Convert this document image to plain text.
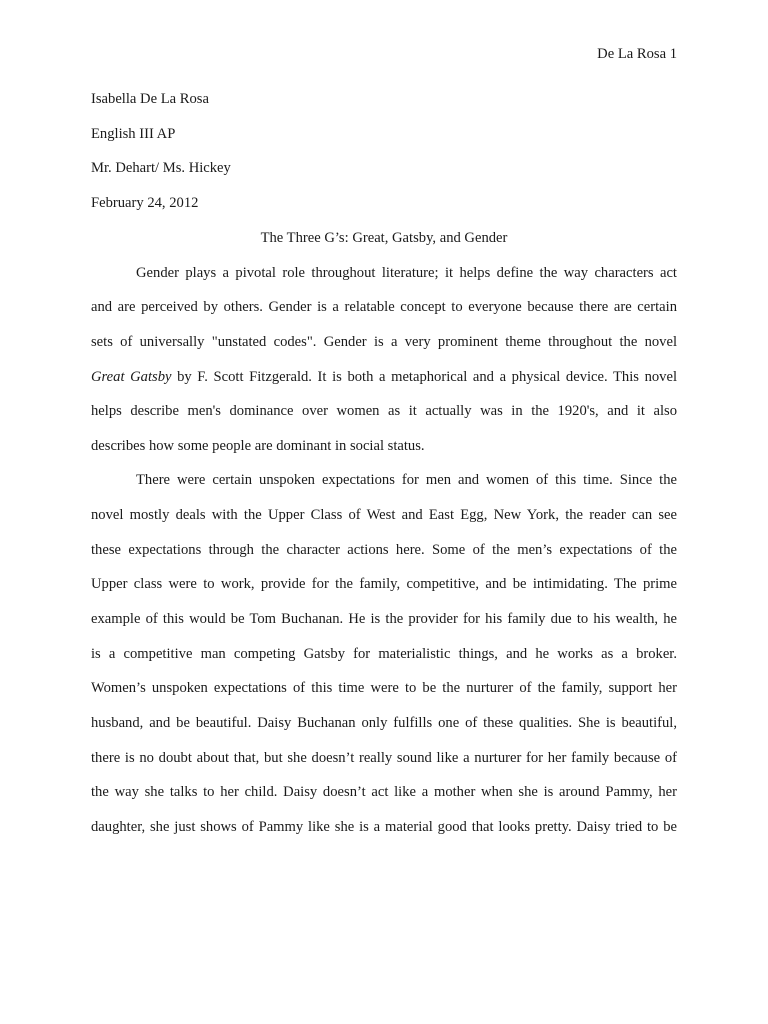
De La Rosa 1
Isabella De La Rosa
English III AP
Mr. Dehart/ Ms. Hickey
February 24, 2012
The Three G’s: Great, Gatsby, and Gender
Gender plays a pivotal role throughout literature; it helps define the way characters act
and are perceived by others. Gender is a relatable concept to everyone because there are certain
sets of universally "unstated codes". Gender is a very prominent theme throughout the novel
Great Gatsby by F. Scott Fitzgerald. It is both a metaphorical and a physical device. This novel
helps describe men's dominance over women as it actually was in the 1920's, and it also
describes how some people are dominant in social status.
There were certain unspoken expectations for men and women of this time. Since the
novel mostly deals with the Upper Class of West and East Egg, New York, the reader can see
these expectations through the character actions here. Some of the men’s expectations of the
Upper class were to work, provide for the family, competitive, and be intimidating. The prime
example of this would be Tom Buchanan. He is the provider for his family due to his wealth, he
is a competitive man competing Gatsby for materialistic things, and he works as a broker.
Women’s unspoken expectations of this time were to be the nurturer of the family, support her
husband, and be beautiful. Daisy Buchanan only fulfills one of these qualities. She is beautiful,
there is no doubt about that, but she doesn’t really sound like a nurturer for her family because of
the way she talks to her child. Daisy doesn’t act like a mother when she is around Pammy, her
daughter, she just shows of Pammy like she is a material good that looks pretty. Daisy tried to be
